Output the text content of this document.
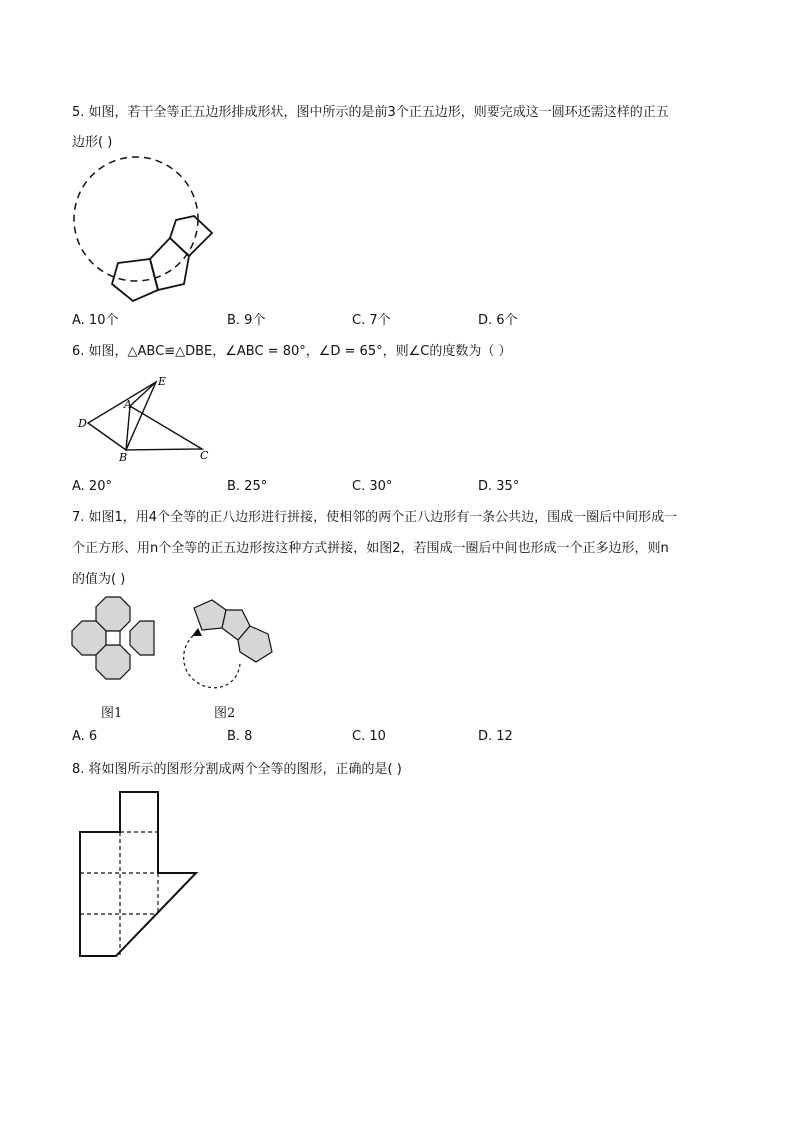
5. 如图，若干全等正五边形排成形状，图中所示的是前3个正五边形，则要完成这一圆环还需这样的正五
边形( )
A. 10个	B. 9个	C. 7个	D. 6个
6. 如图，△ABC≌△DBE，∠ABC = 80°，∠D = 65°，则∠C的度数为（ ）
E
A
D
B	C
A. 20°	B. 25°	C. 30°	D. 35°
7. 如图1，用4个全等的正八边形进行拼接，使相邻的两个正八边形有一条公共边，围成一圈后中间形成一
个正方形、用n个全等的正五边形按这种方式拼接，如图2，若围成一圈后中间也形成一个正多边形，则n
的值为( )
图1	图2
A. 6	B. 8	C. 10	D. 12
8. 将如图所示的图形分割成两个全等的图形，正确的是( )
